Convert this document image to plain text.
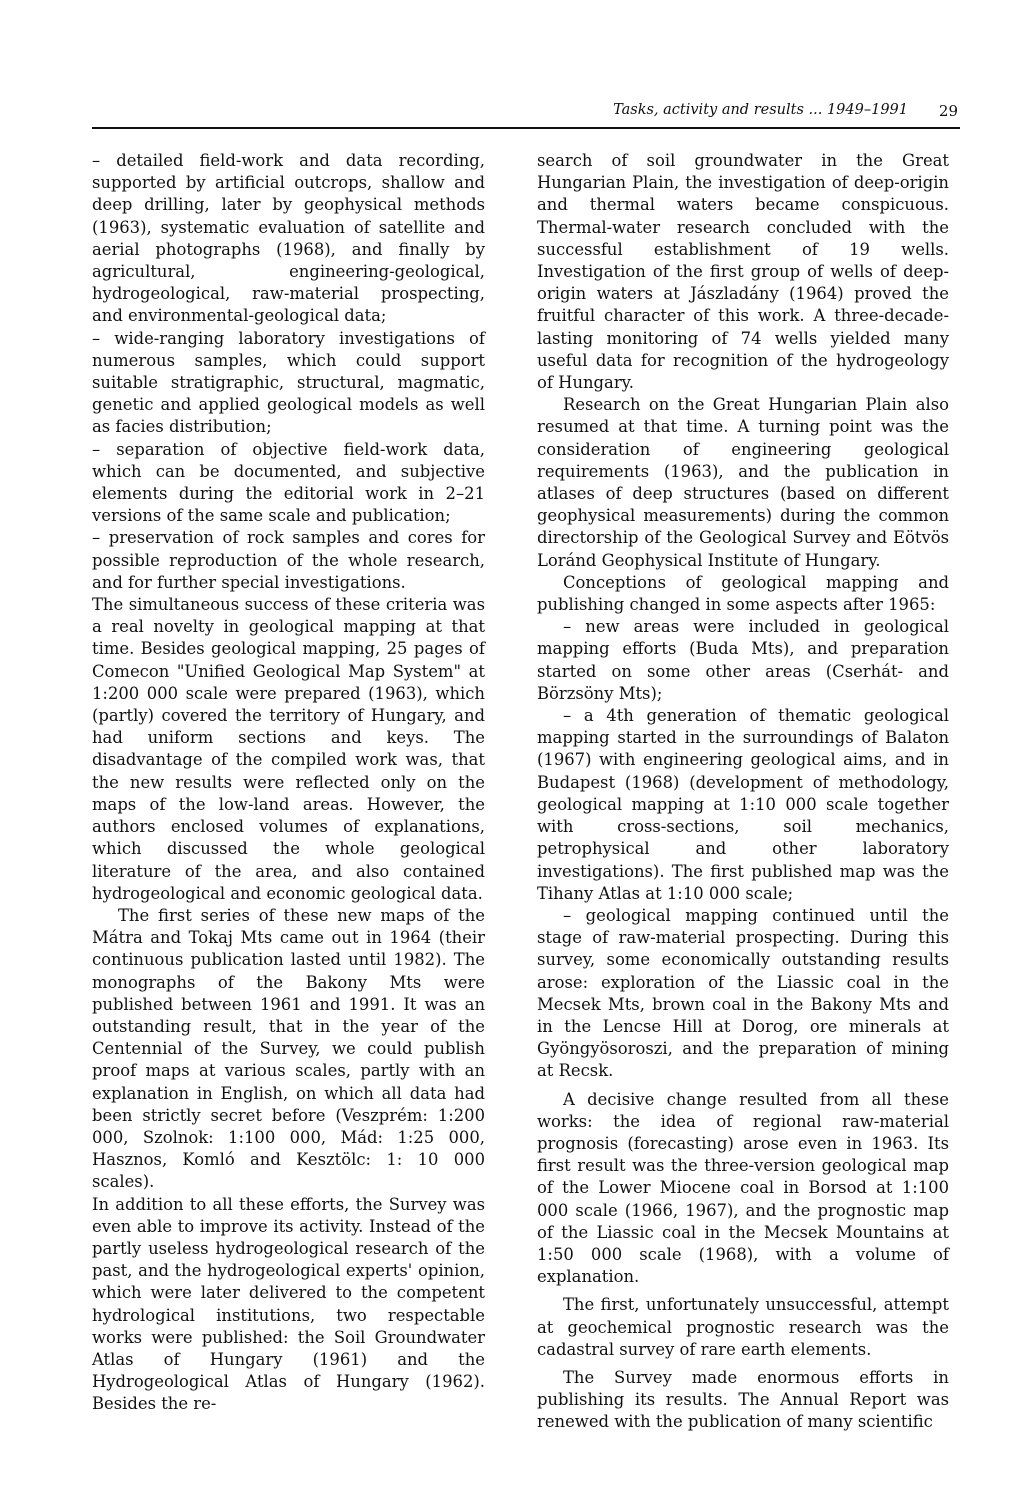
Tasks, activity and results ... 1949–1991 29

– detailed field-work and data recording, supported by artificial outcrops, shallow and deep drilling, later by geophysical methods (1963), systematic evaluation of satellite and aerial photographs (1968), and finally by agricultural, engineering-geological, hydrogeological, raw-material prospecting, and environmental-geological data;

– wide-ranging laboratory investigations of numerous samples, which could support suitable stratigraphic, structural, magmatic, genetic and applied geological models as well as facies distribution;

– separation of objective field-work data, which can be documented, and subjective elements during the editorial work in 2–21 versions of the same scale and publication;

– preservation of rock samples and cores for possible reproduction of the whole research, and for further special investigations.

The simultaneous success of these criteria was a real novelty in geological mapping at that time. Besides geological mapping, 25 pages of Comecon "Unified Geological Map System" at 1:200 000 scale were prepared (1963), which (partly) covered the territory of Hungary, and had uniform sections and keys. The disadvantage of the compiled work was, that the new results were reflected only on the maps of the low-land areas. However, the authors enclosed volumes of explanations, which discussed the whole geological literature of the area, and also contained hydrogeological and economic geological data.

The first series of these new maps of the Mátra and Tokaj Mts came out in 1964 (their continuous publication lasted until 1982). The monographs of the Bakony Mts were published between 1961 and 1991. It was an outstanding result, that in the year of the Centennial of the Survey, we could publish proof maps at various scales, partly with an explanation in English, on which all data had been strictly secret before (Veszprém: 1:200 000, Szolnok: 1:100 000, Mád: 1:25 000, Hasznos, Komló and Kesztölc: 1: 10 000 scales).

In addition to all these efforts, the Survey was even able to improve its activity. Instead of the partly useless hydrogeological research of the past, and the hydrogeological experts' opinion, which were later delivered to the competent hydrological institutions, two respectable works were published: the Soil Groundwater Atlas of Hungary (1961) and the Hydrogeological Atlas of Hungary (1962). Besides the re-

search of soil groundwater in the Great Hungarian Plain, the investigation of deep-origin and thermal waters became conspicuous. Thermal-water research concluded with the successful establishment of 19 wells. Investigation of the first group of wells of deep-origin waters at Jászladány (1964) proved the fruitful character of this work. A three-decade-lasting monitoring of 74 wells yielded many useful data for recognition of the hydrogeology of Hungary.

Research on the Great Hungarian Plain also resumed at that time. A turning point was the consideration of engineering geological requirements (1963), and the publication in atlases of deep structures (based on different geophysical measurements) during the common directorship of the Geological Survey and Eötvös Loránd Geophysical Institute of Hungary.

Conceptions of geological mapping and publishing changed in some aspects after 1965:

– new areas were included in geological mapping efforts (Buda Mts), and preparation started on some other areas (Cserhát- and Börzsöny Mts);

– a 4th generation of thematic geological mapping started in the surroundings of Balaton (1967) with engineering geological aims, and in Budapest (1968) (development of methodology, geological mapping at 1:10 000 scale together with cross-sections, soil mechanics, petrophysical and other laboratory investigations). The first published map was the Tihany Atlas at 1:10 000 scale;

– geological mapping continued until the stage of raw-material prospecting. During this survey, some economically outstanding results arose: exploration of the Liassic coal in the Mecsek Mts, brown coal in the Bakony Mts and in the Lencse Hill at Dorog, ore minerals at Gyöngyösoroszi, and the preparation of mining at Recsk.

A decisive change resulted from all these works: the idea of regional raw-material prognosis (forecasting) arose even in 1963. Its first result was the three-version geological map of the Lower Miocene coal in Borsod at 1:100 000 scale (1966, 1967), and the prognostic map of the Liassic coal in the Mecsek Mountains at 1:50 000 scale (1968), with a volume of explanation.

The first, unfortunately unsuccessful, attempt at geochemical prognostic research was the cadastral survey of rare earth elements.

The Survey made enormous efforts in publishing its results. The Annual Report was renewed with the publication of many scientific
